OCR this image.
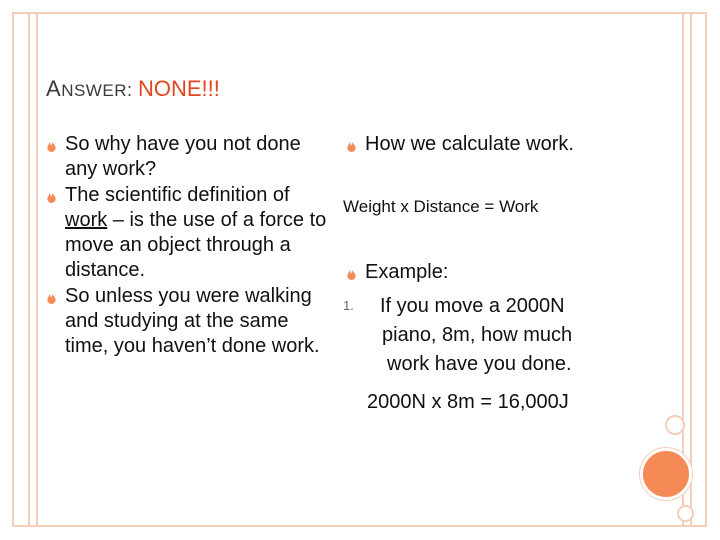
ANSWER: NONE!!!
So why have you not done any work?
The scientific definition of work – is the use of a force to move an object through a distance.
So unless you were walking and studying at the same time, you haven’t done work.
How we calculate work.
Weight x Distance = Work
Example:
1. If you move a 2000N
piano, 8m, how much
work have you done.
2000N x 8m = 16,000J
